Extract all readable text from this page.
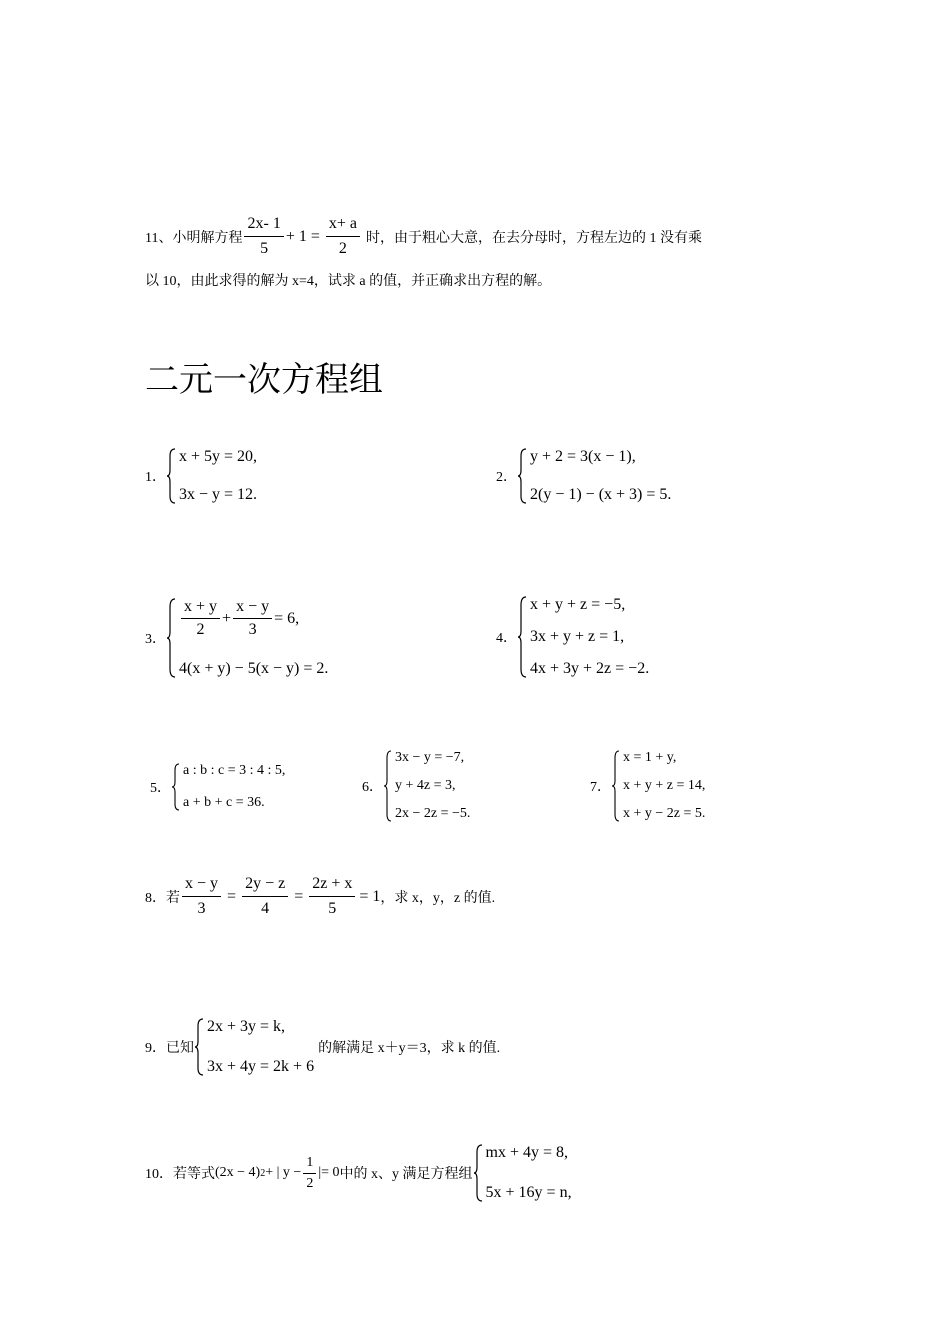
11、小明解方程 $\frac{2x- 1}{5} + 1 = \frac{x+ a}{2}$ 时，由于粗心大意，在去分母时，方程左边的 1 没有乘
以 10，由此求得的解为 x=4，试求 a 的值，并正确求出方程的解。
二元一次方程组
1．
x + 5y = 20,
3x − y = 12.
2．
y + 2 = 3(x − 1),
2(y − 1) − (x + 3) = 5.
3．
$\frac{x + y}{2} + \frac{x - y}{3} = 6$,
4(x + y) − 5(x − y) = 2.
4．
x + y + z = −5,
3x + y + z = 1,
4x + 3y + 2z = −2.
5．
a : b : c = 3 : 4 : 5,
a + b + c = 36.
6．
3x − y = −7,
y + 4z = 3,
2x − 2z = −5.
7．
x = 1 + y,
x + y + z = 14,
x + y − 2z = 5.
8．若 $\frac{x - y}{3} = \frac{2y - z}{4} = \frac{2z + x}{5} = 1$ ，求 x，y，z 的值.
9．已知
2x + 3y = k,
3x + 4y = 2k + 6
的解满足 x＋y＝3，求 k 的值.
10．若等式 (2x − 4) 2 + | $y - \frac{1}{2}$ |= 0 中的 x、y 满足方程组
mx + 4y = 8,
5x + 16y = n,
